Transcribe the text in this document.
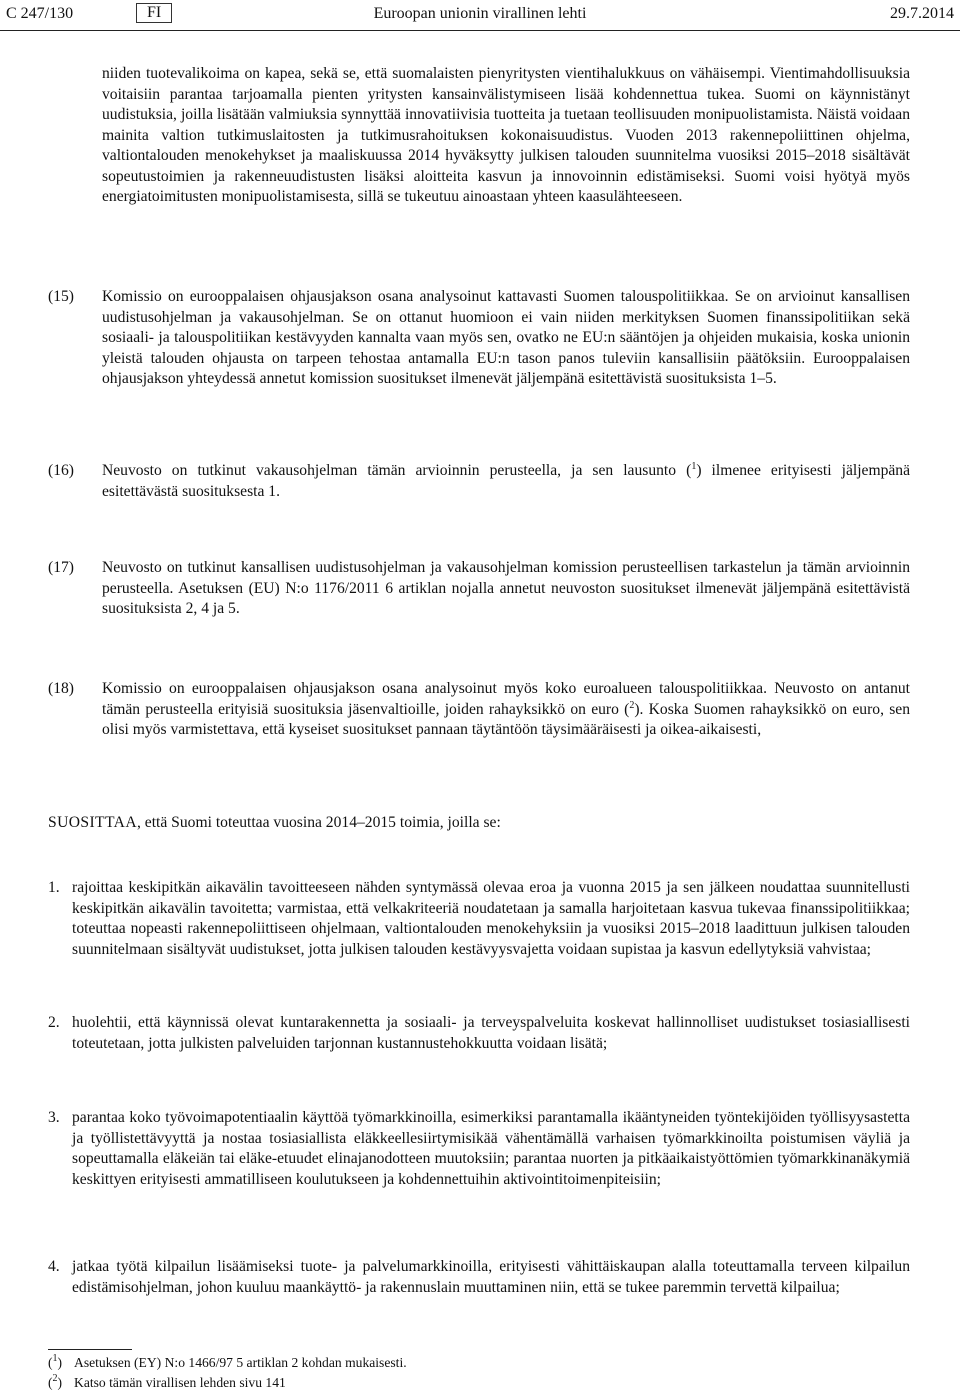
C 247/130	FI	Euroopan unionin virallinen lehti	29.7.2014
niiden tuotevalikoima on kapea, sekä se, että suomalaisten pienyritysten vientihalukkuus on vähäisempi. Vientimahdollisuuksia voitaisiin parantaa tarjoamalla pienten yritysten kansainvälistymiseen lisää kohdennettua tukea. Suomi on käynnistänyt uudistuksia, joilla lisätään valmiuksia synnyttää innovatiivisia tuotteita ja tuetaan teollisuuden monipuolistamista. Näistä voidaan mainita valtion tutkimuslaitosten ja tutkimusrahoituksen kokonaisuudistus. Vuoden 2013 rakennepoliittinen ohjelma, valtiontalouden menokehykset ja maaliskuussa 2014 hyväksytty julkisen talouden suunnitelma vuosiksi 2015–2018 sisältävät sopeutustoimien ja rakenneuudistusten lisäksi aloitteita kasvun ja innovoinnin edistämiseksi. Suomi voisi hyötyä myös energiatoimitusten monipuolistamisesta, sillä se tukeutuu ainoastaan yhteen kaasulähteeseen.
(15)	Komissio on eurooppalaisen ohjausjakson osana analysoinut kattavasti Suomen talouspolitiikkaa. Se on arvioinut kansallisen uudistusohjelman ja vakausohjelman. Se on ottanut huomioon ei vain niiden merkityksen Suomen finanssipolitiikan sekä sosiaali- ja talouspolitiikan kestävyyden kannalta vaan myös sen, ovatko ne EU:n sääntöjen ja ohjeiden mukaisia, koska unionin yleistä talouden ohjausta on tarpeen tehostaa antamalla EU:n tason panos tuleviin kansallisiin päätöksiin. Eurooppalaisen ohjausjakson yhteydessä annetut komission suositukset ilmenevät jäljempänä esitettävistä suosituksista 1–5.
(16)	Neuvosto on tutkinut vakausohjelman tämän arvioinnin perusteella, ja sen lausunto ($^1$) ilmenee erityisesti jäljempänä esitettävästä suosituksesta 1.
(17)	Neuvosto on tutkinut kansallisen uudistusohjelman ja vakausohjelman komission perusteellisen tarkastelun ja tämän arvioinnin perusteella. Asetuksen (EU) N:o 1176/2011 6 artiklan nojalla annetut neuvoston suositukset ilmenevät jäljempänä esitettävistä suosituksista 2, 4 ja 5.
(18)	Komissio on eurooppalaisen ohjausjakson osana analysoinut myös koko euroalueen talouspolitiikkaa. Neuvosto on antanut tämän perusteella erityisiä suosituksia jäsenvaltioille, joiden rahayksikkö on euro ($^2$). Koska Suomen rahayksikkö on euro, sen olisi myös varmistettava, että kyseiset suositukset pannaan täytäntöön täysimääräisesti ja oikea-aikaisesti,
SUOSITTAA, että Suomi toteuttaa vuosina 2014–2015 toimia, joilla se:
1. rajoittaa keskipitkän aikavälin tavoitteeseen nähden syntymässä olevaa eroa ja vuonna 2015 ja sen jälkeen noudattaa suunnitellusti keskipitkän aikavälin tavoitetta; varmistaa, että velkakriteeriä noudatetaan ja samalla harjoitetaan kasvua tukevaa finanssipolitiikkaa; toteuttaa nopeasti rakennepoliittiseen ohjelmaan, valtiontalouden menokehyksiin ja vuosiksi 2015–2018 laadittuun julkisen talouden suunnitelmaan sisältyvät uudistukset, jotta julkisen talouden kestävyysvajetta voidaan supistaa ja kasvun edellytyksiä vahvistaa;
2. huolehtii, että käynnissä olevat kuntarakennetta ja sosiaali- ja terveyspalveluita koskevat hallinnolliset uudistukset tosiasiallisesti toteutetaan, jotta julkisten palveluiden tarjonnan kustannustehokkuutta voidaan lisätä;
3. parantaa koko työvoimapotentiaalin käyttöä työmarkkinoilla, esimerkiksi parantamalla ikääntyneiden työntekijöiden työllisyysastetta ja työllistettävyyttä ja nostaa tosiasiallista eläkkeellesiirtymisikää vähentämällä varhaisen työmarkkinoilta poistumisen väyliä ja sopeuttamalla eläkeiän tai eläke-etuudet elinajanodotteen muutoksiin; parantaa nuorten ja pitkäaikaistyöttömien työmarkkinanäkymiä keskittyen erityisesti ammatilliseen koulutukseen ja kohdennettuihin aktivointitoimenpiteisiin;
4. jatkaa työtä kilpailun lisäämiseksi tuote- ja palvelumarkkinoilla, erityisesti vähittäiskaupan alalla toteuttamalla terveen kilpailun edistämisohjelman, johon kuuluu maankäyttö- ja rakennuslain muuttaminen niin, että se tukee paremmin tervettä kilpailua;
($^1$) Asetuksen (EY) N:o 1466/97 5 artiklan 2 kohdan mukaisesti.
($^2$) Katso tämän virallisen lehden sivu 141
